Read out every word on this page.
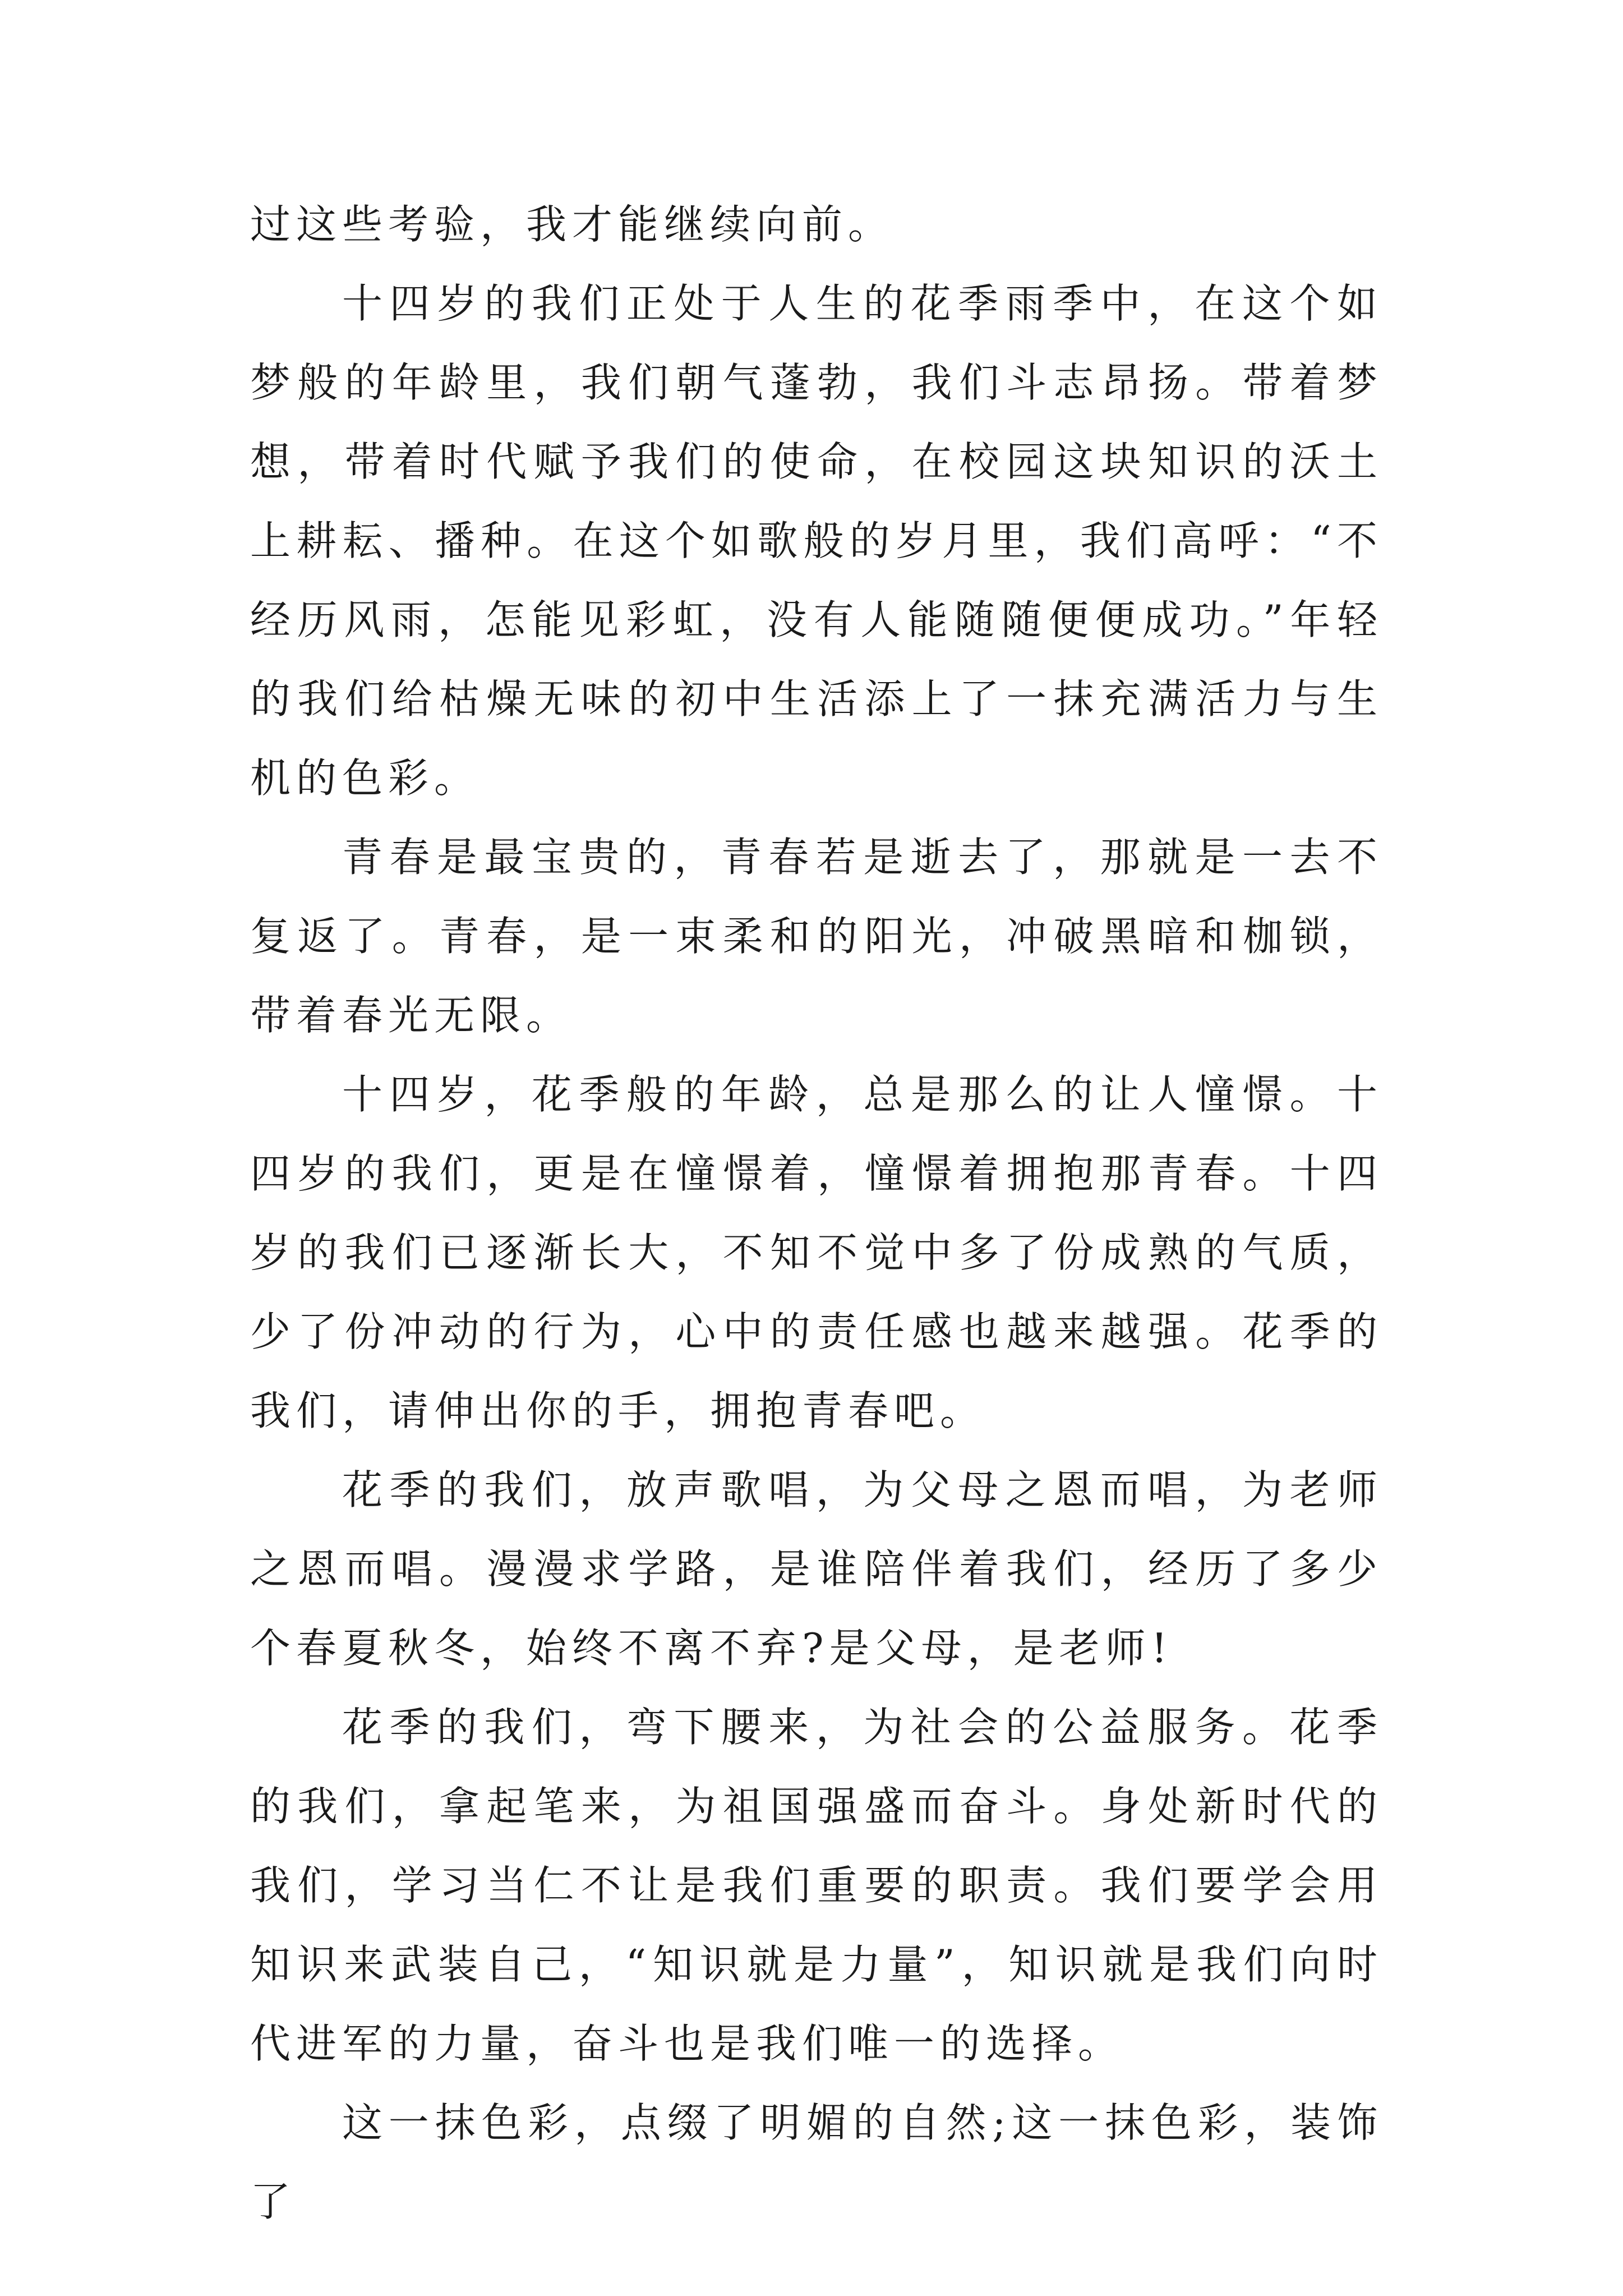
过这些考验，我才能继续向前。

十四岁的我们正处于人生的花季雨季中，在这个如梦般的年龄里，我们朝气蓬勃，我们斗志昂扬。带着梦想，带着时代赋予我们的使命，在校园这块知识的沃土上耕耘、播种。在这个如歌般的岁月里，我们高呼：“不经历风雨，怎能见彩虹，没有人能随随便便成功。”年轻的我们给枯燥无味的初中生活添上了一抹充满活力与生机的色彩。

青春是最宝贵的，青春若是逝去了，那就是一去不复返了。青春，是一束柔和的阳光，冲破黑暗和枷锁，带着春光无限。

十四岁，花季般的年龄，总是那么的让人憧憬。十四岁的我们，更是在憧憬着，憧憬着拥抱那青春。十四岁的我们已逐渐长大，不知不觉中多了份成熟的气质，少了份冲动的行为，心中的责任感也越来越强。花季的我们，请伸出你的手，拥抱青春吧。

花季的我们，放声歌唱，为父母之恩而唱，为老师之恩而唱。漫漫求学路，是谁陪伴着我们，经历了多少个春夏秋冬，始终不离不弃?是父母，是老师!

花季的我们，弯下腰来，为社会的公益服务。花季的我们，拿起笔来，为祖国强盛而奋斗。身处新时代的我们，学习当仁不让是我们重要的职责。我们要学会用知识来武装自己，“知识就是力量”，知识就是我们向时代进军的力量，奋斗也是我们唯一的选择。

这一抹色彩，点缀了明媚的自然;这一抹色彩，装饰了
